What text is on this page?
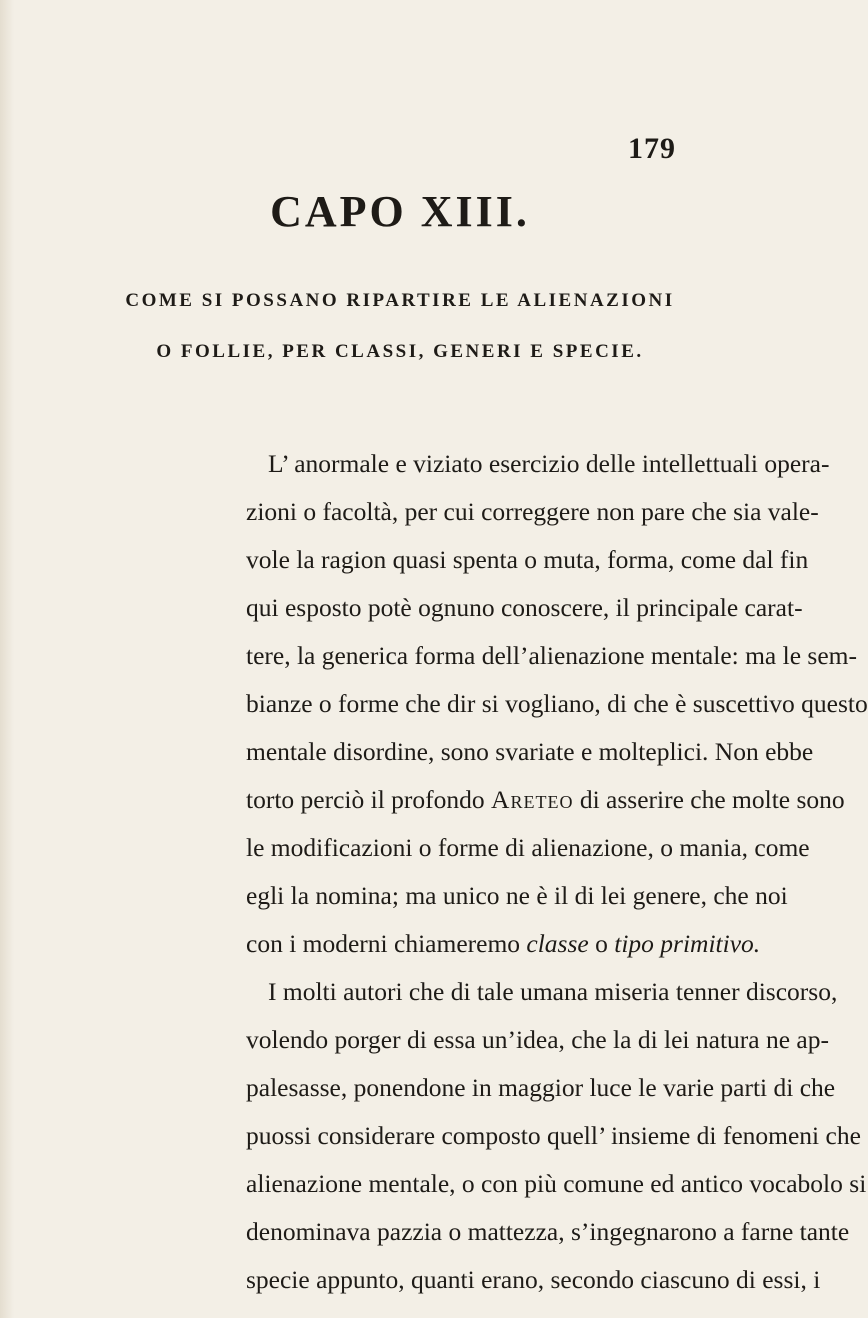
179
CAPO XIII.
COME SI POSSANO RIPARTIRE LE ALIENAZIONI
O FOLLIE, PER CLASSI, GENERI E SPECIE.
L’ anormale e viziato esercizio delle intellettuali opera-
zioni o facoltà, per cui correggere non pare che sia vale-
vole la ragion quasi spenta o muta, forma, come dal fin
qui esposto potè ognuno conoscere, il principale carat-
tere, la generica forma dell’alienazione mentale: ma le sem-
bianze o forme che dir si vogliano, di che è suscettivo questo
mentale disordine, sono svariate e molteplici. Non ebbe
torto perciò il profondo Areteo di asserire che molte sono
le modificazioni o forme di alienazione, o mania, come
egli la nomina; ma unico ne è il di lei genere, che noi
con i moderni chiameremo classe o tipo primitivo.
I molti autori che di tale umana miseria tenner discorso,
volendo porger di essa un’idea, che la di lei natura ne ap-
palesasse, ponendone in maggior luce le varie parti di che
puossi considerare composto quell’ insieme di fenomeni che
alienazione mentale, o con più comune ed antico vocabolo si
denominava pazzia o mattezza, s’ingegnarono a farne tante
specie appunto, quanti erano, secondo ciascuno di essi, i
